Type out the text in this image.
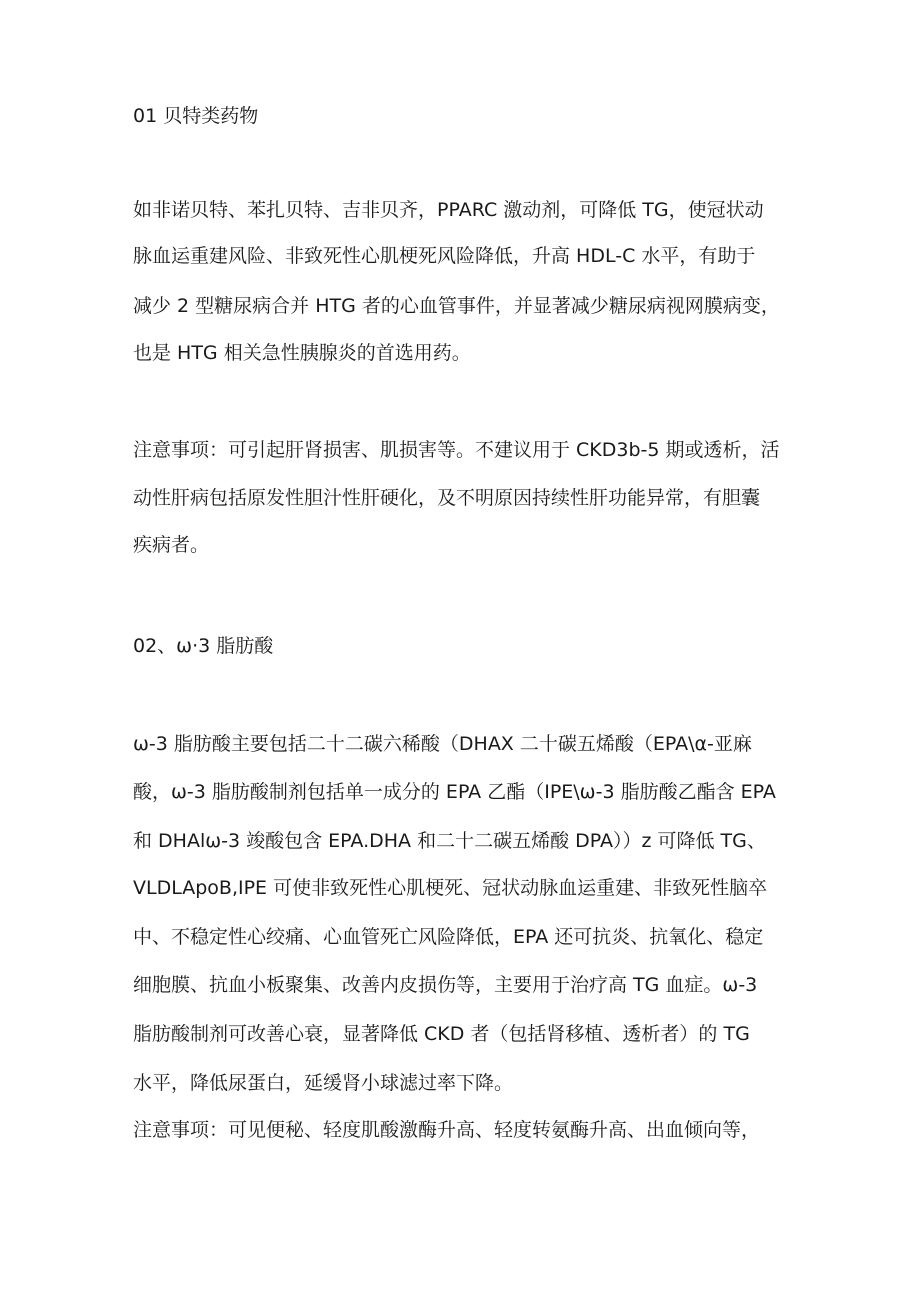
01 贝特类药物
如非诺贝特、苯扎贝特、吉非贝齐，PPARC 激动剂，可降低 TG，使冠状动
脉血运重建风险、非致死性心肌梗死风险降低，升高 HDL-C 水平，有助于
减少 2 型糖尿病合并 HTG 者的心血管事件，并显著减少糖尿病视网膜病变，
也是 HTG 相关急性胰腺炎的首选用药。
注意事项：可引起肝肾损害、肌损害等。不建议用于 CKD3b-5 期或透析，活
动性肝病包括原发性胆汁性肝硬化，及不明原因持续性肝功能异常，有胆囊
疾病者。
02、ω·3 脂肪酸
ω-3 脂肪酸主要包括二十二碳六稀酸（DHAX 二十碳五烯酸（EPA\α-亚麻
酸，ω-3 脂肪酸制剂包括单一成分的 EPA 乙酯（IPE\ω-3 脂肪酸乙酯含 EPA
和 DHAlω-3 竣酸包含 EPA.DHA 和二十二碳五烯酸 DPA））z 可降低 TG、
VLDLApoB,IPE 可使非致死性心肌梗死、冠状动脉血运重建、非致死性脑卒
中、不稳定性心绞痛、心血管死亡风险降低，EPA 还可抗炎、抗氧化、稳定
细胞膜、抗血小板聚集、改善内皮损伤等，主要用于治疗高 TG 血症。ω-3
脂肪酸制剂可改善心衰，显著降低 CKD 者（包括肾移植、透析者）的 TG
水平，降低尿蛋白，延缓肾小球滤过率下降。
注意事项：可见便秘、轻度肌酸激酶升高、轻度转氨酶升高、出血倾向等，
